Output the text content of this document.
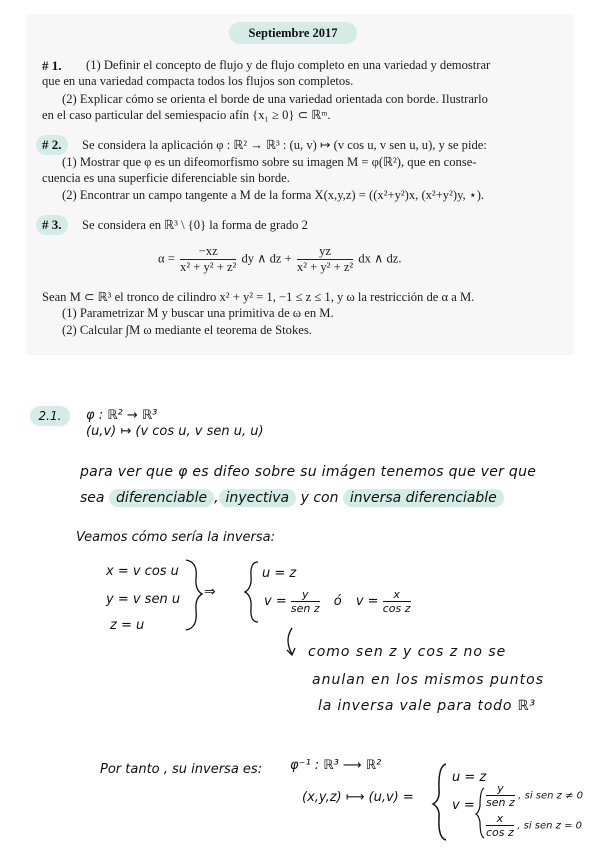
Septiembre 2017
# 1. (1) Definir el concepto de flujo y de flujo completo en una variedad y demostrar
que en una variedad compacta todos los flujos son completos.
(2) Explicar cómo se orienta el borde de una variedad orientada con borde. Ilustrarlo
en el caso particular del semiespacio afín {x₁ ≥ 0} ⊂ ℝᵐ.
# 2.	Se considera la aplicación φ : ℝ² → ℝ³ : (u, v) ↦ (v cos u, v sen u, u), y se pide:
(1) Mostrar que φ es un difeomorfismo sobre su imagen M = φ(ℝ²), que en conse-
cuencia es una superficie diferenciable sin borde.
(2) Encontrar un campo tangente a M de la forma X(x,y,z) = ((x²+y²)x, (x²+y²)y, ⋆).
# 3.	Se considera en ℝ³ \ {0} la forma de grado 2
$\alpha = \frac{-xz}{\text{x² + y² + z²}}$ dy ∧ dz + $\frac{yz}{\text{x² + y² + z²}}$ dx ∧ dz.
Sean M ⊂ ℝ³ el tronco de cilindro x² + y² = 1, −1 ≤ z ≤ 1, y ω la restricción de α a M.
(1) Parametrizar M y buscar una primitiva de ω en M.
(2) Calcular ∫M ω mediante el teorema de Stokes.
2.1.	φ : ℝ² → ℝ³
(u,v) ↦ (v cos u, v sen u, u)
para ver que φ es difeo sobre su imágen tenemos que ver que
sea diferenciable , inyectiva y con inversa diferenciable
Veamos cómo sería la inversa:
x = v cos u
y = v sen u
z = u
⇒
u = z
v =	y
sen z ó $v = \frac{x}{\text{cos z}}$
como sen z y cos z no se
anulan en los mismos puntos
la inversa vale para todo ℝ³
Por tanto , su inversa es: φ⁻¹ : ℝ³ ⟶ ℝ²
(x,y,z) ⟼ (u,v) =
u = z
v =
y
sen z , si sen z ≠ 0
$\frac{x}{\text{cos z}}$ , si sen z = 0
